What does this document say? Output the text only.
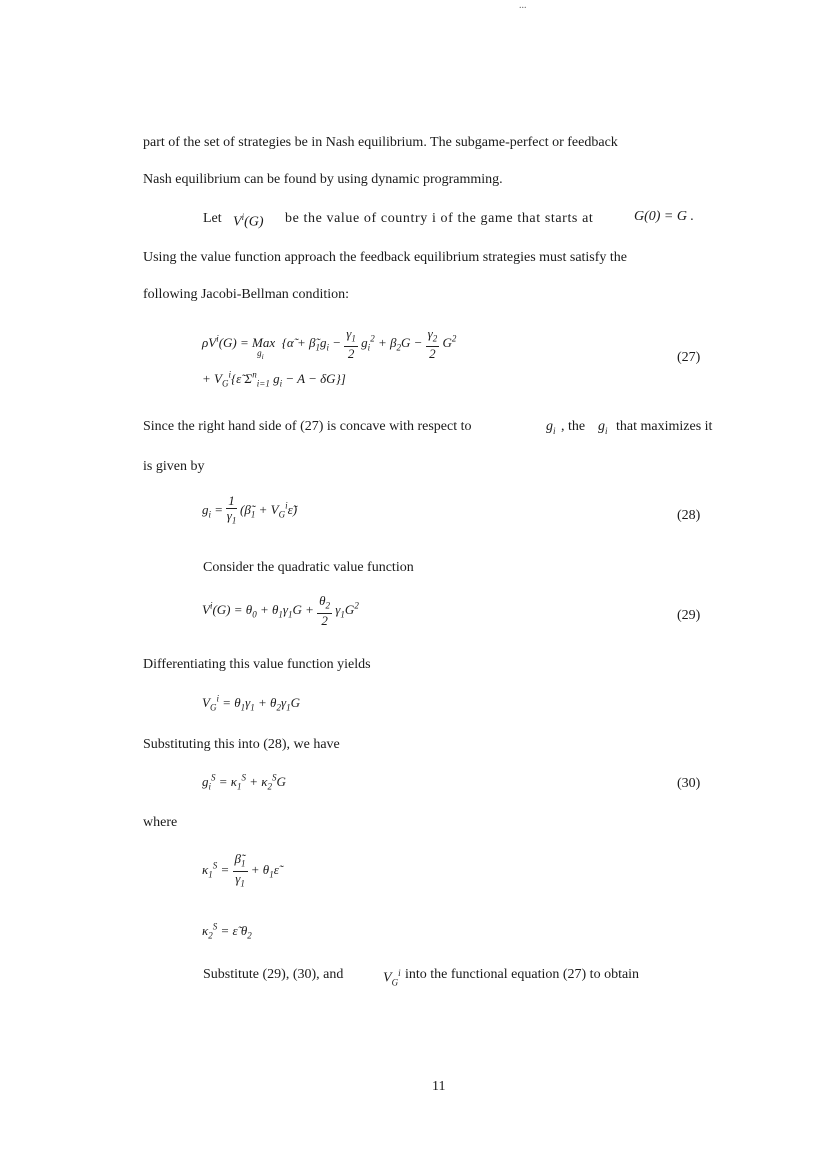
...
part of the set of strategies be in Nash equilibrium. The subgame-perfect or feedback
Nash equilibrium can be found by using dynamic programming.
Let $V^i(G)$ be the value of country i of the game that starts at	G(0) = G .
Using the value function approach the feedback equilibrium strategies must satisfy the
following Jacobi-Bellman condition:
$\rho V^i(G)$ = Max$_{g_i}${α̃ + $\betã_1g_i - \frac{\gamma_1}{2} g_i^2 + \beta_2G - \frac{\gamma_2}{2} G^2$
+ $V_G^i\{\varepsiloñ$ $\Sigma^n_{i=1}$ $g_i - A - \delta G$}]
(27)
Since the right hand side of (27) is concave with respect to	$g_i$ , the $g_i$ that maximizes it
is given by
$g_i = \frac{1}{\gamma_1}$ ($\betã_1$ + $V_G^i\varepsiloñ$)	(28)
Consider the quadratic value function
$V^i(G) = \theta_0 + \theta_1\gamma_1G + \frac{\theta_2}{2} \gamma_1G^2$
(29)
Differentiating this value function yields
$V_G^i = \theta_1\gamma_1 + \theta_2\gamma_1G$
Substituting this into (28), we have
$g_i^S = \kappa_1^S + \kappa_2^SG$	(30)
where
$\kappa_1^S = \frac{\betã_1}{\gamma_1}$ + $\theta_1\varepsiloñ$
$\kappa_2^S$ = ε̃ $\theta_2$
Substitute (29), (30), and	$V_G^i$ into the functional equation (27) to obtain
11
